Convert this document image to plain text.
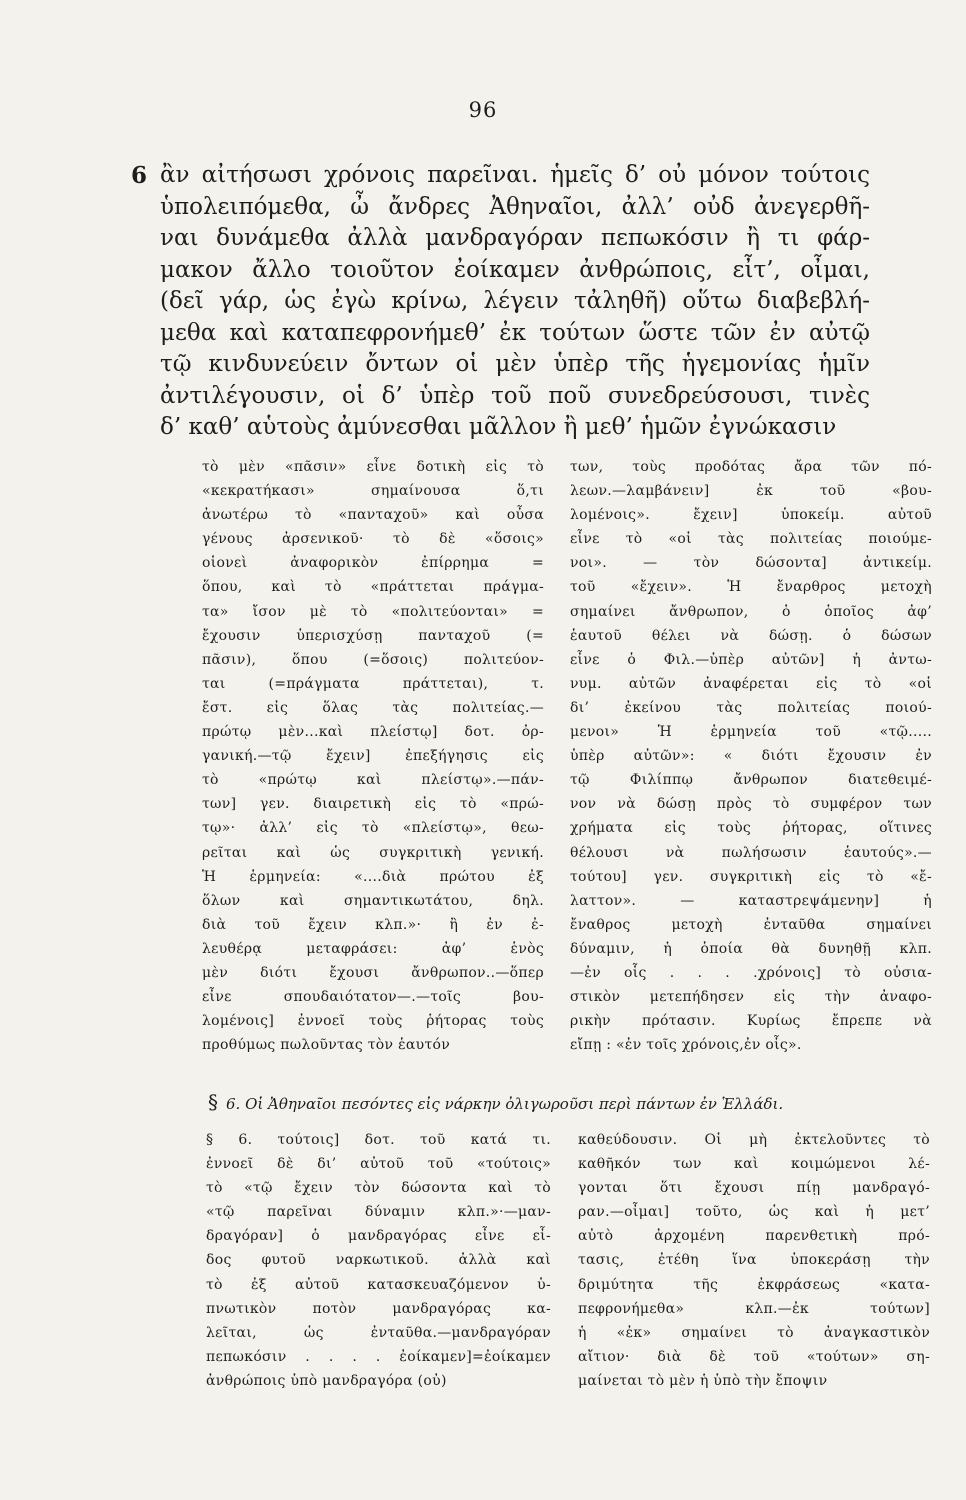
96
6 ἂν αἰτήσωσι χρόνοις παρεῖναι. ἡμεῖς δ’ οὐ μόνον τούτοις
ὑπολειπόμεθα, ὦ ἄνδρες Ἀθηναῖοι, ἀλλ’ οὐδ ἀνεγερθῆ-
ναι δυνάμεθα ἀλλὰ μανδραγόραν πεπωκόσιν ἢ τι φάρ-
μακον ἄλλο τοιοῦτον ἐοίκαμεν ἀνθρώποις, εἶτ’, οἶμαι,
(δεῖ γάρ, ὡς ἐγὼ κρίνω, λέγειν τἀληθῆ) οὕτω διαβεβλή-
μεθα καὶ καταπεφρονήμεθ’ ἐκ τούτων ὥστε τῶν ἐν αὐτῷ
τῷ κινδυνεύειν ὄντων οἱ μὲν ὑπὲρ τῆς ἡγεμονίας ἡμῖν
ἀντιλέγουσιν, οἱ δ’ ὑπὲρ τοῦ ποῦ συνεδρεύσουσι, τινὲς
δ’ καθ’ αὑτοὺς ἀμύνεσθαι μᾶλλον ἢ μεθ’ ἡμῶν ἐγνώκασιν
τὸ μὲν «πᾶσιν» εἶνε δοτικὴ εἰς τὸ
«κεκρατήκασι» σημαίνουσα ὅ,τι
ἀνωτέρω τὸ «πανταχοῦ» καὶ οὖσα
γένους ἀρσενικοῦ· τὸ δὲ «ὅσοις»
οἱονεὶ ἀναφορικὸν ἐπίρρημα =
ὅπου, καὶ τὸ «πράττεται πράγμα-
τα» ἴσον μὲ τὸ «πολιτεύονται» =
ἔχουσιν ὑπερισχύσῃ πανταχοῦ (=
πᾶσιν), ὅπου (=ὅσοις) πολιτεύον-
ται (=πράγματα πράττεται), τ.
ἔστ. εἰς ὅλας τὰς πολιτείας.—
πρώτῳ μὲν...καὶ πλείστῳ] δοτ. ὀρ-
γανική.—τῷ ἔχειν] ἐπεξήγησις εἰς
τὸ «πρώτῳ καὶ πλείστῳ».—πάν-
των] γεν. διαιρετικὴ εἰς τὸ «πρώ-
τῳ»· ἀλλ’ εἰς τὸ «πλείστῳ», θεω-
ρεῖται καὶ ὡς συγκριτικὴ γενική.
Ἡ ἑρμηνεία: «....διὰ πρώτου ἐξ
ὅλων καὶ σημαντικωτάτου, δηλ.
διὰ τοῦ ἔχειν κλπ.»· ἢ ἐν ἐ-
λευθέρᾳ μεταφράσει: ἀφ’ ἑνὸς
μὲν διότι ἔχουσι ἄνθρωπον..—ὅπερ
εἶνε σπουδαιότατον—.—τοῖς βου-
λομένοις] ἐννοεῖ τοὺς ῥήτορας τοὺς
προθύμως πωλοῦντας τὸν ἑαυτόν
των, τοὺς προδότας ἄρα τῶν πό-
λεων.—λαμβάνειν] ἐκ τοῦ «βου-
λομένοις». ἔχειν] ὑποκείμ. αὐτοῦ
εἶνε τὸ «οἱ τὰς πολιτείας ποιούμε-
νοι». — τὸν δώσοντα] ἀντικείμ.
τοῦ «ἔχειν». Ἡ ἔναρθρος μετοχὴ
σημαίνει ἄνθρωπον, ὁ ὁποῖος ἀφ’
ἑαυτοῦ θέλει νὰ δώσῃ. ὁ δώσων
εἶνε ὁ Φιλ.—ὑπὲρ αὐτῶν] ἡ ἀντω-
νυμ. αὐτῶν ἀναφέρεται εἰς τὸ «οἱ
δι’ ἐκείνου τὰς πολιτείας ποιού-
μενοι» Ἡ ἑρμηνεία τοῦ «τῷ.....
ὑπὲρ αὐτῶν»: « διότι ἔχουσιν ἐν
τῷ Φιλίππῳ ἄνθρωπον διατεθειμέ-
νον νὰ δώσῃ πρὸς τὸ συμφέρον των
χρήματα εἰς τοὺς ῥήτορας, οἵτινες
θέλουσι νὰ πωλήσωσιν ἑαυτούς».—
τούτου] γεν. συγκριτικὴ εἰς τὸ «ἔ-
λαττον». — καταστρεψάμενην] ἡ
ἔναθρος μετοχὴ ἐνταῦθα σημαίνει
δύναμιν, ἡ ὁποία θὰ δυνηθῇ κλπ.
—ἐν οἷς . . . .χρόνοις] τὸ οὐσια-
στικὸν μετεπήδησεν εἰς τὴν ἀναφο-
ρικὴν πρότασιν. Κυρίως ἔπρεπε νὰ
εἴπῃ : «ἐν τοῖς χρόνοις,ἐν οἷς».
§ 6. Οἱ Ἀθηναῖοι πεσόντες εἰς νάρκην ὀλιγωροῦσι περὶ πάντων ἐν Ἑλλάδι.
§ 6. τούτοις] δοτ. τοῦ κατά τι.
ἐννοεῖ δὲ δι’ αὐτοῦ τοῦ «τούτοις»
τὸ «τῷ ἔχειν τὸν δώσοντα καὶ τὸ
«τῷ παρεῖναι δύναμιν κλπ.»·—μαν-
δραγόραν] ὁ μανδραγόρας εἶνε εἶ-
δος φυτοῦ ναρκωτικοῦ. ἀλλὰ καὶ
τὸ ἐξ αὐτοῦ κατασκευαζόμενον ὑ-
πνωτικὸν ποτὸν μανδραγόρας κα-
λεῖται, ὡς ἐνταῦθα.—μανδραγόραν
πεπωκόσιν . . . . ἐοίκαμεν]=ἐοίκαμεν
ἀνθρώποις ὑπὸ μανδραγόρα (οὐ)
καθεύδουσιν. Οἱ μὴ ἐκτελοῦντες τὸ
καθῆκόν των καὶ κοιμώμενοι λέ-
γονται ὅτι ἔχουσι πίῃ μανδραγό-
ραν.—οἶμαι] τοῦτο, ὡς καὶ ἡ μετ’
αὐτὸ ἀρχομένη παρενθετικὴ πρό-
τασις, ἐτέθη ἵνα ὑποκεράσῃ τὴν
δριμύτητα τῆς ἐκφράσεως «κατα-
πεφρονήμεθα» κλπ.—ἐκ τούτων]
ἡ «ἐκ» σημαίνει τὸ ἀναγκαστικὸν
αἴτιον· διὰ δὲ τοῦ «τούτων» ση-
μαίνεται τὸ μὲν ἡ ὑπὸ τὴν ἔποψιν
